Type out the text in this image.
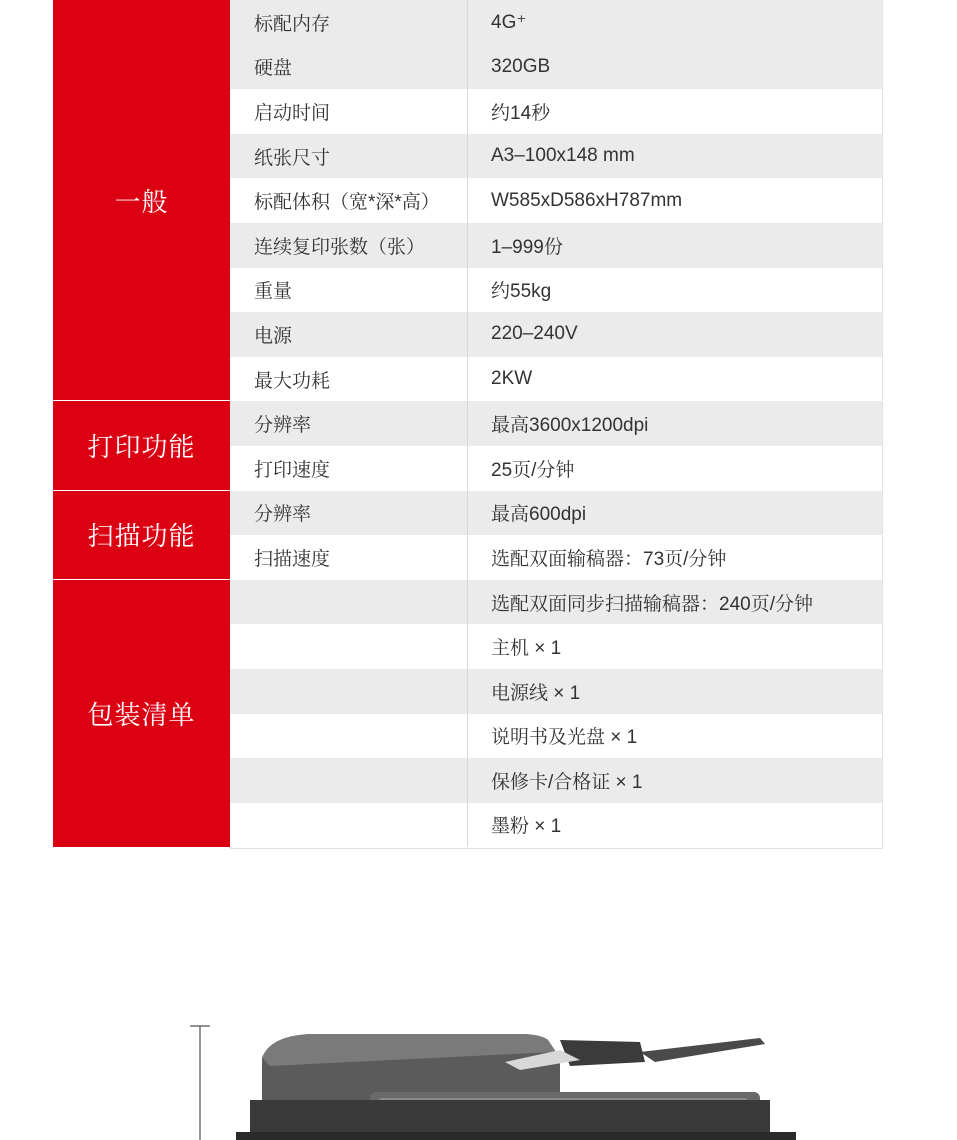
一般
标配内存	4G⁺
硬盘	320GB
启动时间	约14秒
纸张尺寸	A3–100x148 mm
标配体积（宽*深*高）	W585xD586xH787mm
连续复印张数（张）	1–999份
重量	约55kg
电源	220–240V
最大功耗	2KW
打印功能
分辨率	最高3600x1200dpi
打印速度	25页/分钟
扫描功能
分辨率	最高600dpi
扫描速度	选配双面输稿器：73页/分钟
包装清单
选配双面同步扫描输稿器：240页/分钟
主机 × 1
电源线 × 1
说明书及光盘 × 1
保修卡/合格证 × 1
墨粉 × 1
